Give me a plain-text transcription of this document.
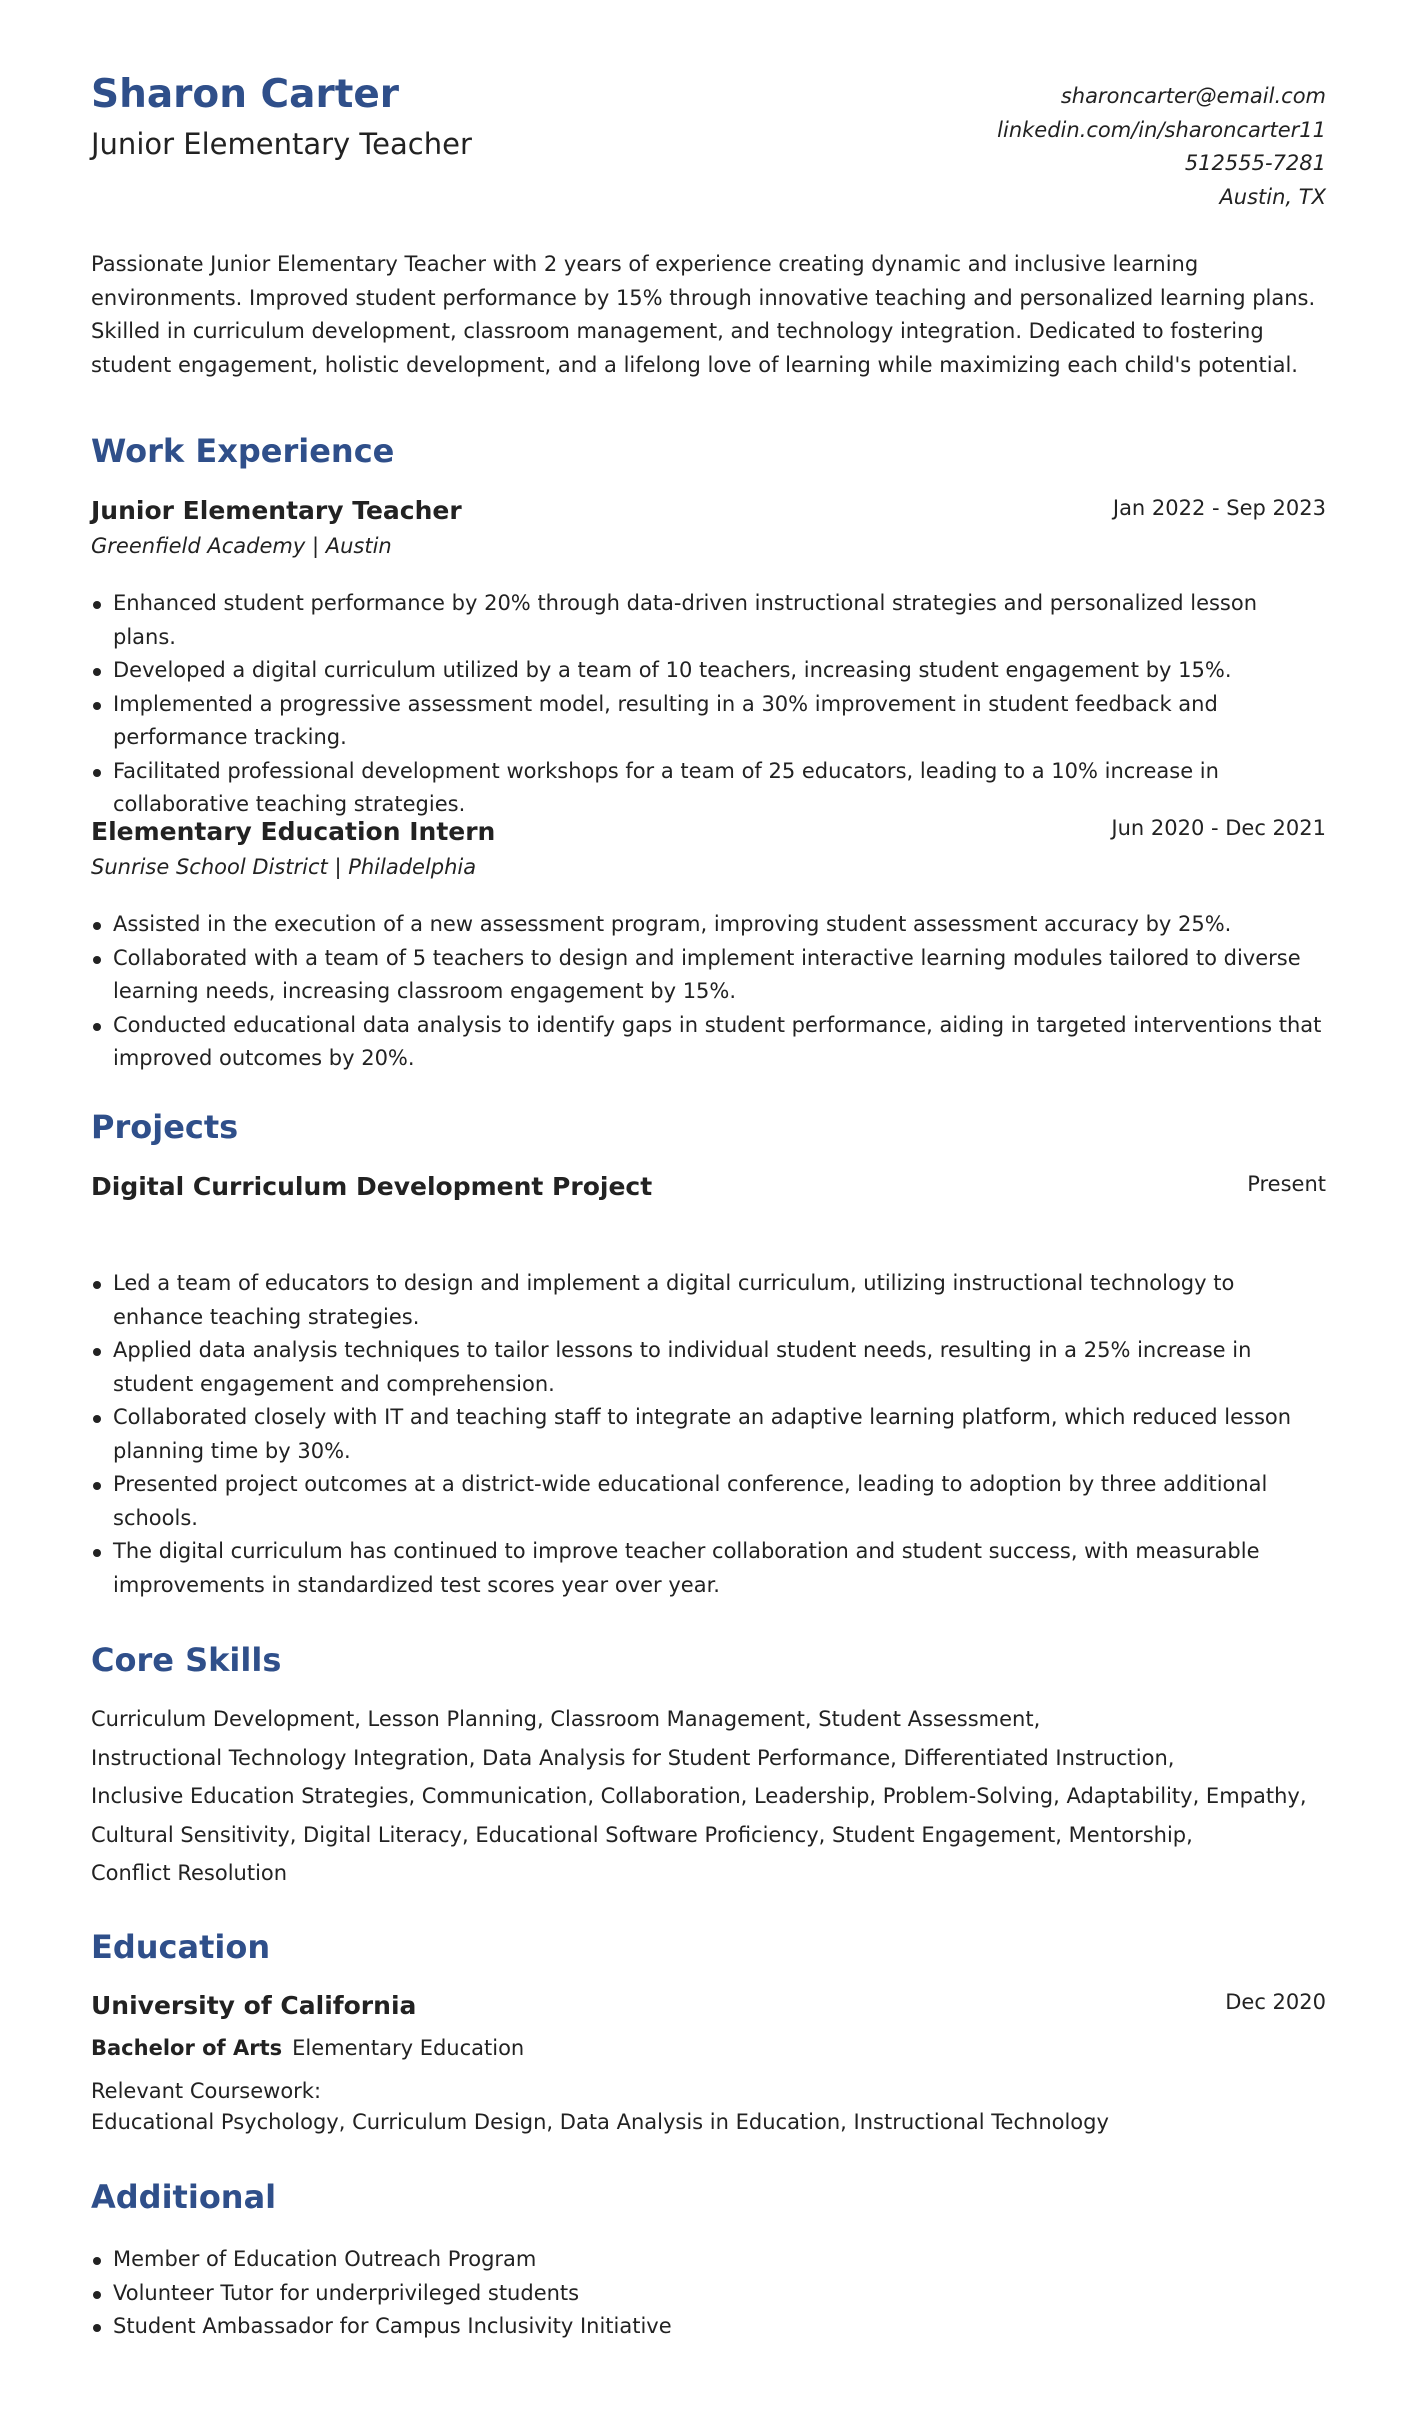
Sharon Carter
Junior Elementary Teacher
sharoncarter@email.com
linkedin.com/in/sharoncarter11
512555-7281
Austin, TX
Passionate Junior Elementary Teacher with 2 years of experience creating dynamic and inclusive learning environments. Improved student performance by 15% through innovative teaching and personalized learning plans. Skilled in curriculum development, classroom management, and technology integration. Dedicated to fostering student engagement, holistic development, and a lifelong love of learning while maximizing each child's potential.
Work Experience
Junior Elementary Teacher	Jan 2022 - Sep 2023
Greenfield Academy | Austin
Enhanced student performance by 20% through data-driven instructional strategies and personalized lesson plans.
Developed a digital curriculum utilized by a team of 10 teachers, increasing student engagement by 15%.
Implemented a progressive assessment model, resulting in a 30% improvement in student feedback and performance tracking.
Facilitated professional development workshops for a team of 25 educators, leading to a 10% increase in collaborative teaching strategies.
Elementary Education Intern	Jun 2020 - Dec 2021
Sunrise School District | Philadelphia
Assisted in the execution of a new assessment program, improving student assessment accuracy by 25%.
Collaborated with a team of 5 teachers to design and implement interactive learning modules tailored to diverse learning needs, increasing classroom engagement by 15%.
Conducted educational data analysis to identify gaps in student performance, aiding in targeted interventions that improved outcomes by 20%.
Projects
Digital Curriculum Development Project	Present
Led a team of educators to design and implement a digital curriculum, utilizing instructional technology to enhance teaching strategies.
Applied data analysis techniques to tailor lessons to individual student needs, resulting in a 25% increase in student engagement and comprehension.
Collaborated closely with IT and teaching staff to integrate an adaptive learning platform, which reduced lesson planning time by 30%.
Presented project outcomes at a district-wide educational conference, leading to adoption by three additional schools.
The digital curriculum has continued to improve teacher collaboration and student success, with measurable improvements in standardized test scores year over year.
Core Skills
Curriculum Development, Lesson Planning, Classroom Management, Student Assessment,
Instructional Technology Integration, Data Analysis for Student Performance, Differentiated Instruction,
Inclusive Education Strategies, Communication, Collaboration, Leadership, Problem-Solving, Adaptability, Empathy,
Cultural Sensitivity, Digital Literacy, Educational Software Proficiency, Student Engagement, Mentorship,
Conflict Resolution
Education
University of California	Dec 2020
Bachelor of Arts Elementary Education
Relevant Coursework:
Educational Psychology, Curriculum Design, Data Analysis in Education, Instructional Technology
Additional
Member of Education Outreach Program
Volunteer Tutor for underprivileged students
Student Ambassador for Campus Inclusivity Initiative
